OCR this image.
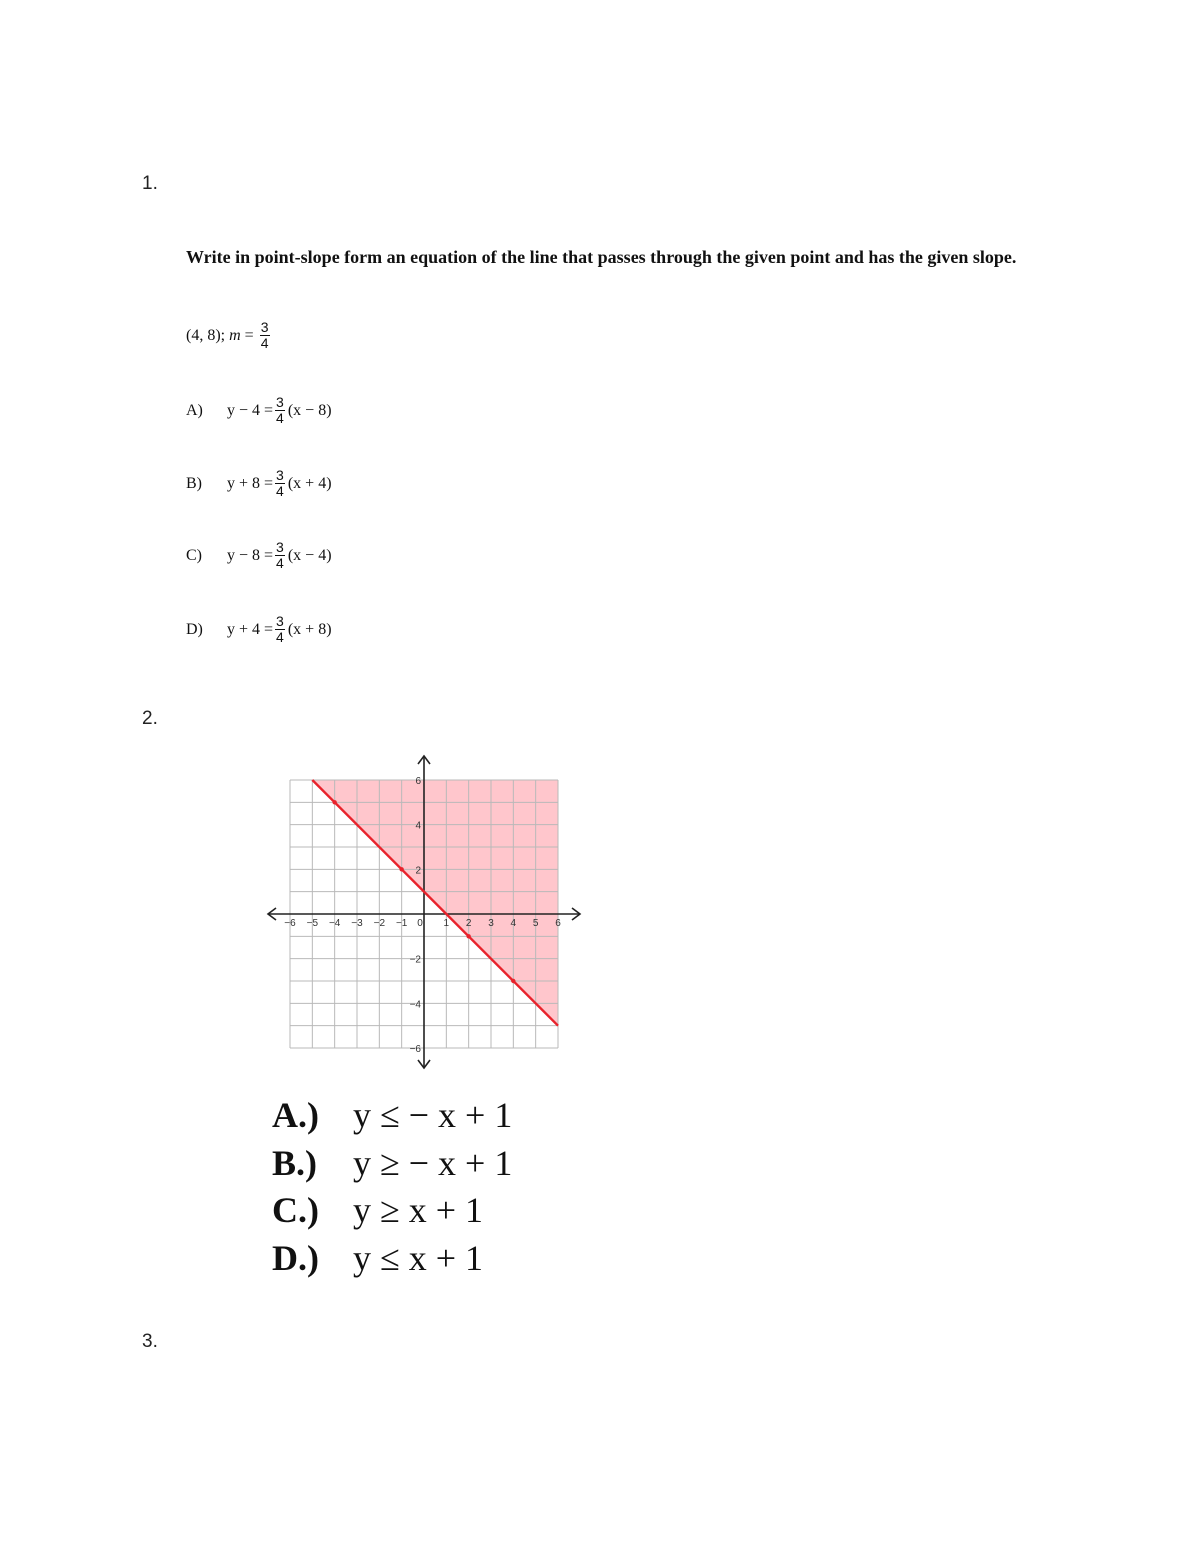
1.
2.
3.
Write in point-slope form an equation of the line that passes through the given point and has the given slope.
(4, 8); $m = \frac{3}{4}$
A)	$y - 4 = \frac{3}{4} (x - 8)$
B)	$y + 8 = \frac{3}{4} (x + 4)$
C)	$y - 8 = \frac{3}{4} (x - 4)$
D)	$y + 4 = \frac{3}{4} (x + 8)$
−6 −5 −4 −3 −2 −1 0 1 2 3 4 5 6
6
4
2
−2
−4
−6
A.) y ≤ − x + 1
B.) y ≥ − x + 1
C.) y ≥ x + 1
D.) y ≤ x + 1
